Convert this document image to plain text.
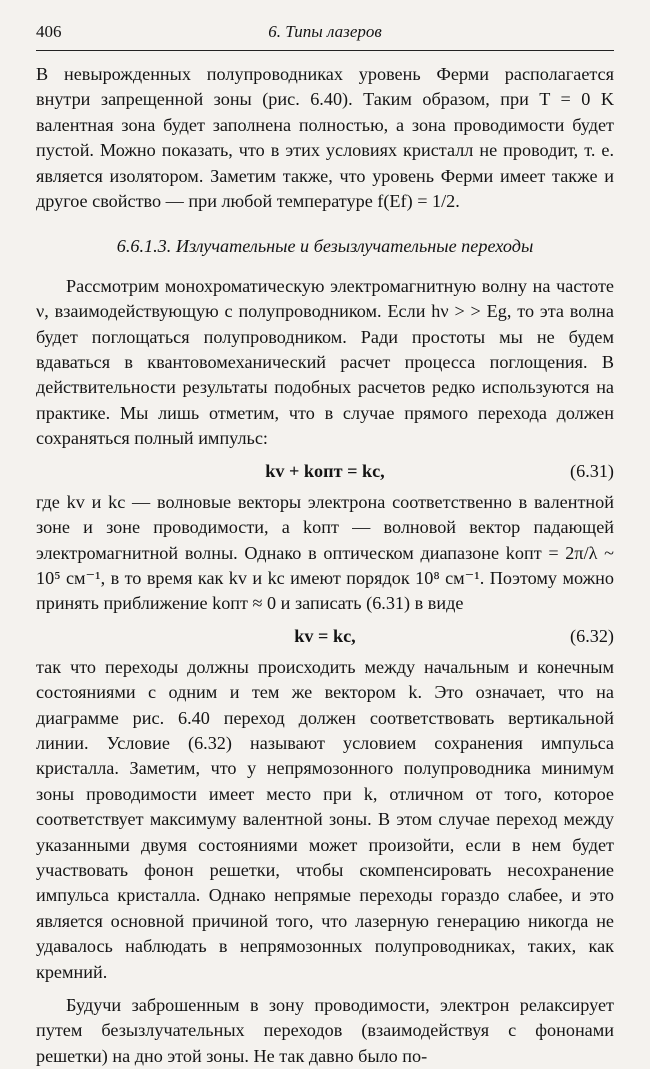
406	6. Типы лазеров

В невырожденных полупроводниках уровень Ферми располагается внутри запрещенной зоны (рис. 6.40). Таким образом, при T = 0 K валентная зона будет заполнена полностью, а зона проводимости будет пустой. Можно показать, что в этих условиях кристалл не проводит, т. е. является изолятором. Заметим также, что уровень Ферми имеет также и другое свойство — при любой температуре f(Ef) = 1/2.

6.6.1.3. Излучательные и безызлучательные переходы

Рассмотрим монохроматическую электромагнитную волну на частоте ν, взаимодействующую с полупроводником. Если hν > > Eg, то эта волна будет поглощаться полупроводником. Ради простоты мы не будем вдаваться в квантовомеханический расчет процесса поглощения. В действительности результаты подобных расчетов редко используются на практике. Мы лишь отметим, что в случае прямого перехода должен сохраняться полный импульс:

kv + kопт = kc,	(6.31)

где kv и kc — волновые векторы электрона соответственно в валентной зоне и зоне проводимости, а kопт — волновой вектор падающей электромагнитной волны. Однако в оптическом диапазоне kопт = 2π/λ ~ 10⁵ см⁻¹, в то время как kv и kc имеют порядок 10⁸ см⁻¹. Поэтому можно принять приближение kопт ≈ 0 и записать (6.31) в виде

kv = kc,	(6.32)

так что переходы должны происходить между начальным и конечным состояниями с одним и тем же вектором k. Это означает, что на диаграмме рис. 6.40 переход должен соответствовать вертикальной линии. Условие (6.32) называют условием сохранения импульса кристалла. Заметим, что у непрямозонного полупроводника минимум зоны проводимости имеет место при k, отличном от того, которое соответствует максимуму валентной зоны. В этом случае переход между указанными двумя состояниями может произойти, если в нем будет участвовать фонон решетки, чтобы скомпенсировать несохранение импульса кристалла. Однако непрямые переходы гораздо слабее, и это является основной причиной того, что лазерную генерацию никогда не удавалось наблюдать в непрямозонных полупроводниках, таких, как кремний.

Будучи заброшенным в зону проводимости, электрон релаксирует путем безызлучательных переходов (взаимодействуя с фононами решетки) на дно этой зоны. Не так давно было по-
